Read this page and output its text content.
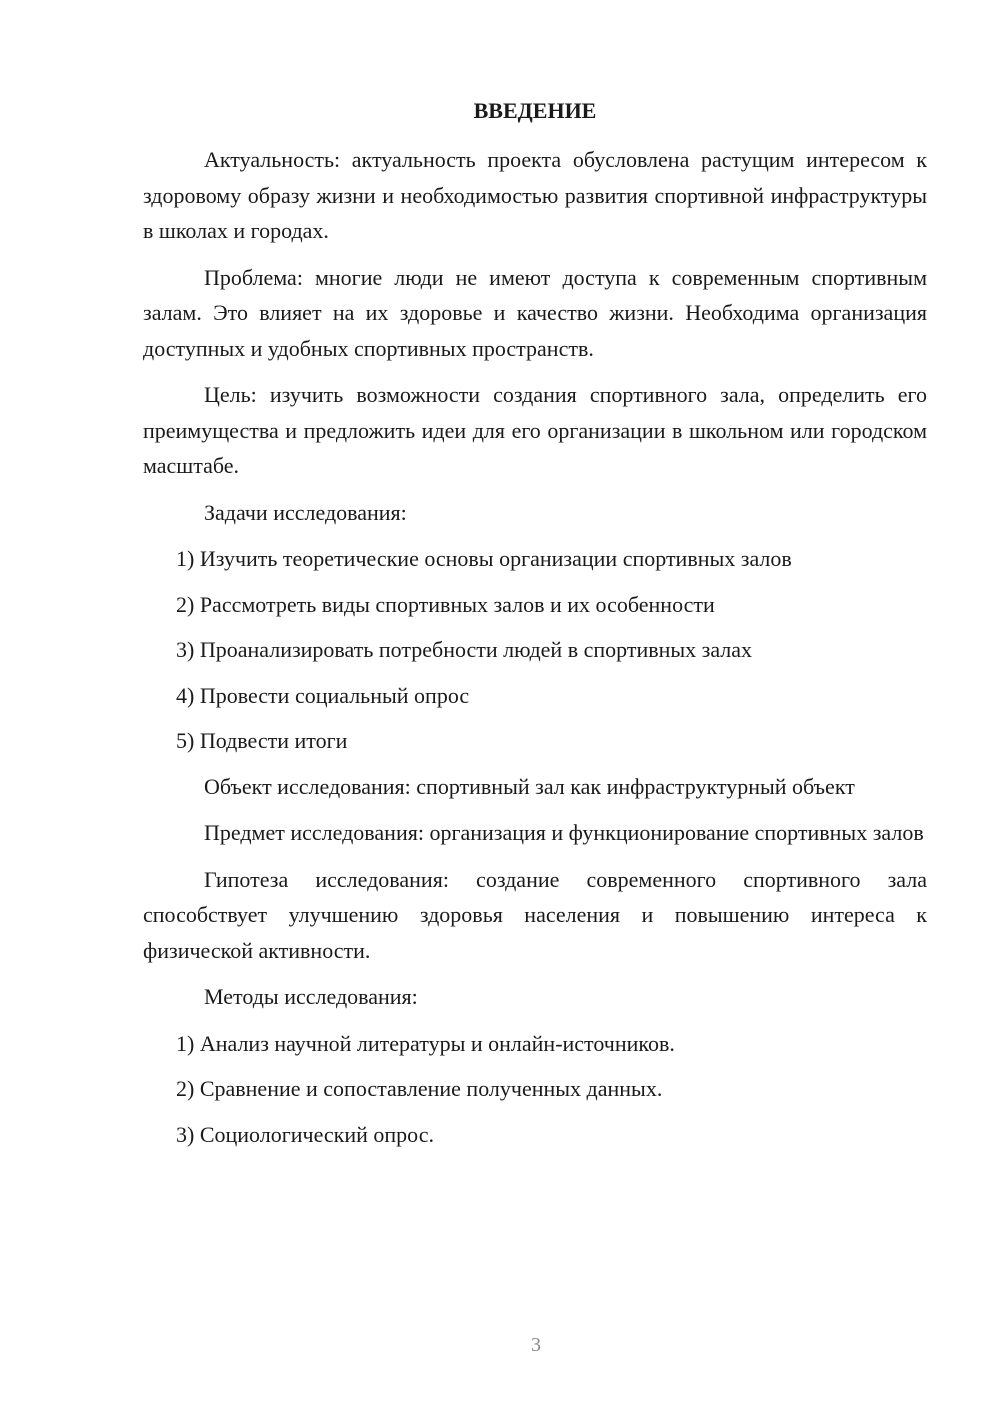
ВВЕДЕНИЕ

Актуальность: актуальность проекта обусловлена растущим интересом к здоровому образу жизни и необходимостью развития спортивной инфраструктуры в школах и городах.

Проблема: многие люди не имеют доступа к современным спортивным залам. Это влияет на их здоровье и качество жизни. Необходима организация доступных и удобных спортивных пространств.

Цель: изучить возможности создания спортивного зала, определить его преимущества и предложить идеи для его организации в школьном или городском масштабе.

Задачи исследования:

1) Изучить теоретические основы организации спортивных залов

2) Рассмотреть виды спортивных залов и их особенности

3) Проанализировать потребности людей в спортивных залах

4) Провести социальный опрос

5) Подвести итоги

Объект исследования: спортивный зал как инфраструктурный объект

Предмет исследования: организация и функционирование спортивных залов

Гипотеза исследования: создание современного спортивного зала способствует улучшению здоровья населения и повышению интереса к физической активности.

Методы исследования:

1) Анализ научной литературы и онлайн-источников.

2) Сравнение и сопоставление полученных данных.

3) Социологический опрос.

3
